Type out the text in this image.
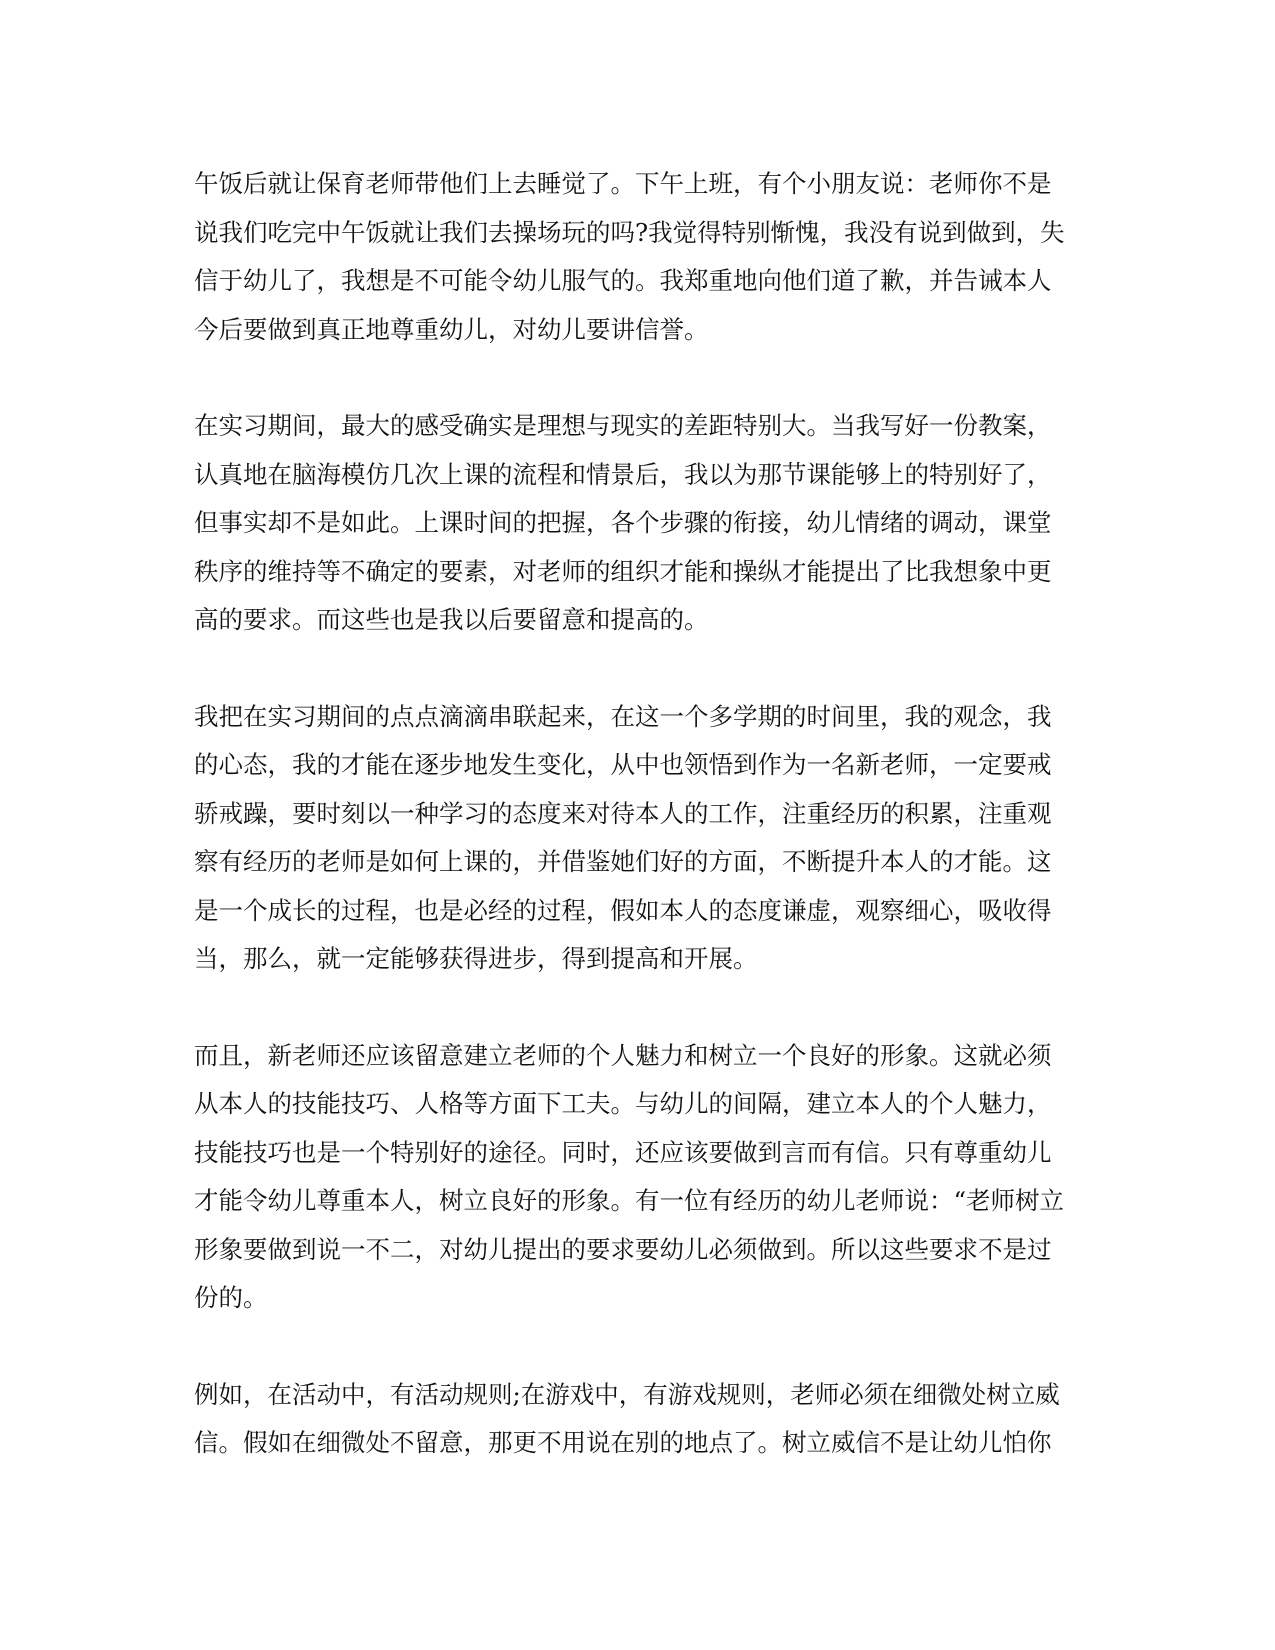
午饭后就让保育老师带他们上去睡觉了。下午上班，有个小朋友说：老师你不是
说我们吃完中午饭就让我们去操场玩的吗?我觉得特别惭愧，我没有说到做到，失
信于幼儿了，我想是不可能令幼儿服气的。我郑重地向他们道了歉，并告诫本人
今后要做到真正地尊重幼儿，对幼儿要讲信誉。

在实习期间，最大的感受确实是理想与现实的差距特别大。当我写好一份教案，
认真地在脑海模仿几次上课的流程和情景后，我以为那节课能够上的特别好了，
但事实却不是如此。上课时间的把握，各个步骤的衔接，幼儿情绪的调动，课堂
秩序的维持等不确定的要素，对老师的组织才能和操纵才能提出了比我想象中更
高的要求。而这些也是我以后要留意和提高的。

我把在实习期间的点点滴滴串联起来，在这一个多学期的时间里，我的观念，我
的心态，我的才能在逐步地发生变化，从中也领悟到作为一名新老师，一定要戒
骄戒躁，要时刻以一种学习的态度来对待本人的工作，注重经历的积累，注重观
察有经历的老师是如何上课的，并借鉴她们好的方面，不断提升本人的才能。这
是一个成长的过程，也是必经的过程，假如本人的态度谦虚，观察细心，吸收得
当，那么，就一定能够获得进步，得到提高和开展。

而且，新老师还应该留意建立老师的个人魅力和树立一个良好的形象。这就必须
从本人的技能技巧、人格等方面下工夫。与幼儿的间隔，建立本人的个人魅力，
技能技巧也是一个特别好的途径。同时，还应该要做到言而有信。只有尊重幼儿
才能令幼儿尊重本人，树立良好的形象。有一位有经历的幼儿老师说：“老师树立
形象要做到说一不二，对幼儿提出的要求要幼儿必须做到。所以这些要求不是过
份的。

例如，在活动中，有活动规则;在游戏中，有游戏规则，老师必须在细微处树立威
信。假如在细微处不留意，那更不用说在别的地点了。树立威信不是让幼儿怕你
